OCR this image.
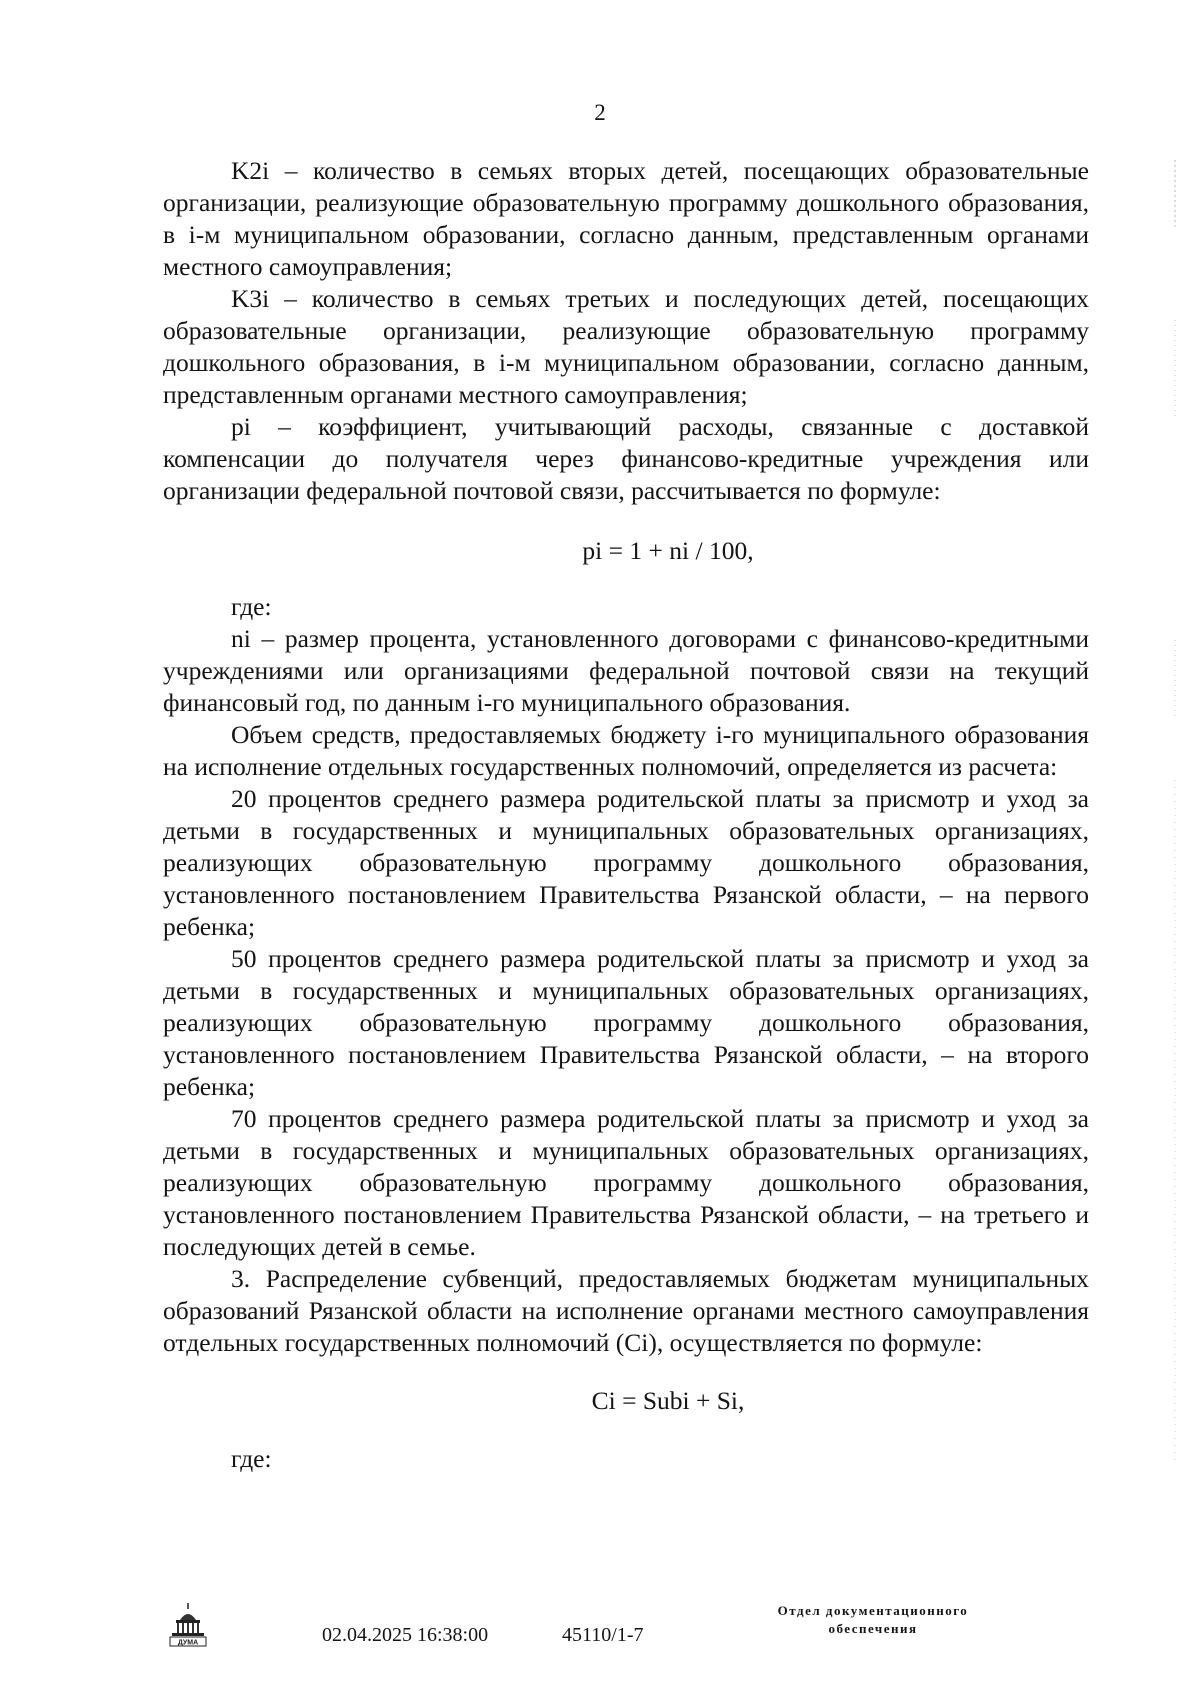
2

K2i – количество в семьях вторых детей, посещающих образовательные организации, реализующие образовательную программу дошкольного образования, в i-м муниципальном образовании, согласно данным, представленным органами местного самоуправления;

K3i – количество в семьях третьих и последующих детей, посещающих образовательные организации, реализующие образовательную программу дошкольного образования, в i-м муниципальном образовании, согласно данным, представленным органами местного самоуправления;

pi – коэффициент, учитывающий расходы, связанные с доставкой компенсации до получателя через финансово-кредитные учреждения или организации федеральной почтовой связи, рассчитывается по формуле:

pi = 1 + ni / 100,

где:

ni – размер процента, установленного договорами с финансово-кредитными учреждениями или организациями федеральной почтовой связи на текущий финансовый год, по данным i-го муниципального образования.

Объем средств, предоставляемых бюджету i-го муниципального образования на исполнение отдельных государственных полномочий, определяется из расчета:

20 процентов среднего размера родительской платы за присмотр и уход за детьми в государственных и муниципальных образовательных организациях, реализующих образовательную программу дошкольного образования, установленного постановлением Правительства Рязанской области, – на первого ребенка;

50 процентов среднего размера родительской платы за присмотр и уход за детьми в государственных и муниципальных образовательных организациях, реализующих образовательную программу дошкольного образования, установленного постановлением Правительства Рязанской области, – на второго ребенка;

70 процентов среднего размера родительской платы за присмотр и уход за детьми в государственных и муниципальных образовательных организациях, реализующих образовательную программу дошкольного образования, установленного постановлением Правительства Рязанской области, – на третьего и последующих детей в семье.

3. Распределение субвенций, предоставляемых бюджетам муниципальных образований Рязанской области на исполнение органами местного самоуправления отдельных государственных полномочий (Ci), осуществляется по формуле:

Ci = Subi + Si,

где:

ДУМА	02.04.2025 16:38:00	45110/1-7
Отдел документационного
обеспечения
